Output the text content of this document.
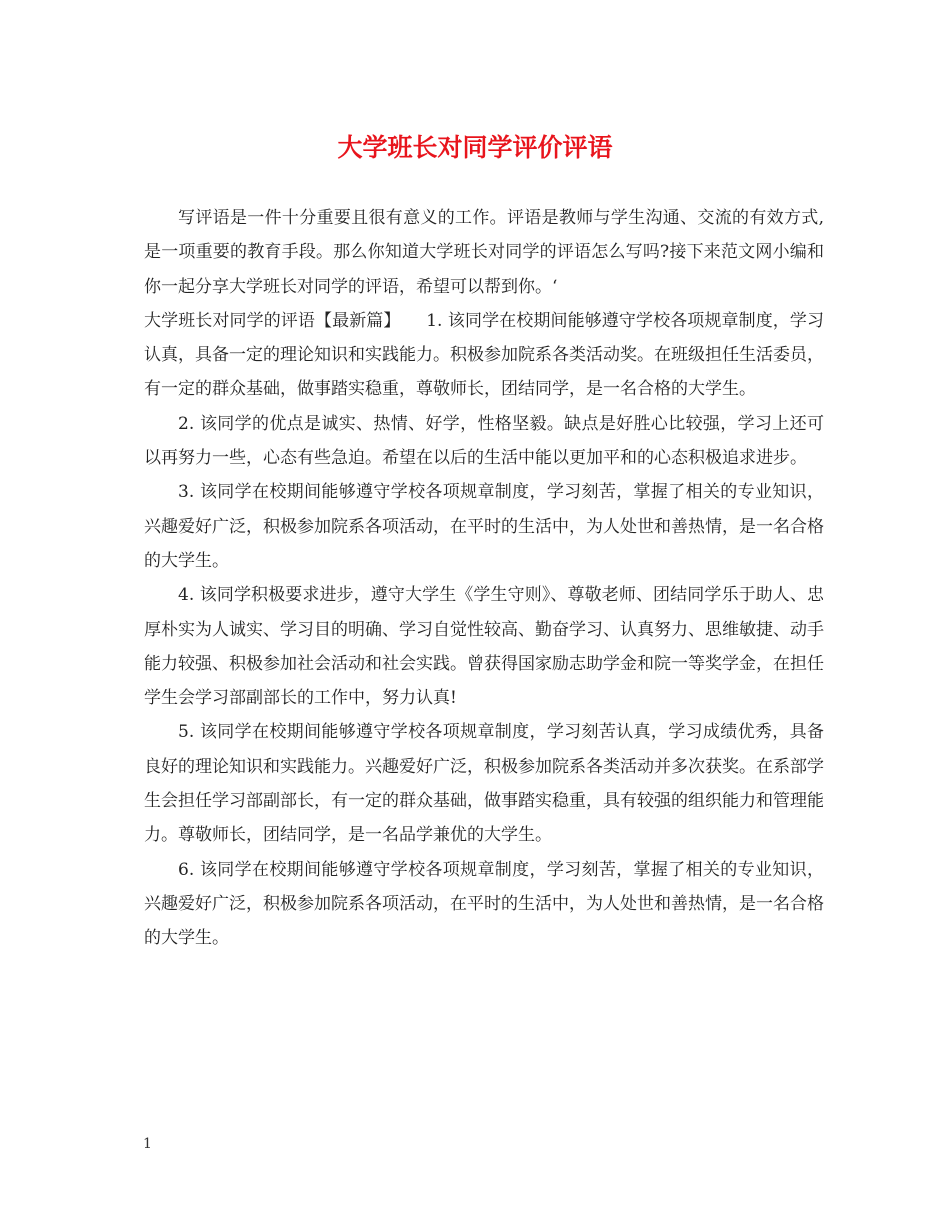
大学班长对同学评价评语

写评语是一件十分重要且很有意义的工作。评语是教师与学生沟通、交流的有效方式,是一项重要的教育手段。那么你知道大学班长对同学的评语怎么写吗?接下来范文网小编和你一起分享大学班长对同学的评语，希望可以帮到你。‘

大学班长对同学的评语【最新篇】　　1. 该同学在校期间能够遵守学校各项规章制度，学习认真，具备一定的理论知识和实践能力。积极参加院系各类活动奖。在班级担任生活委员，有一定的群众基础，做事踏实稳重，尊敬师长，团结同学，是一名合格的大学生。

2. 该同学的优点是诚实、热情、好学，性格坚毅。缺点是好胜心比较强，学习上还可以再努力一些，心态有些急迫。希望在以后的生活中能以更加平和的心态积极追求进步。

3. 该同学在校期间能够遵守学校各项规章制度，学习刻苦，掌握了相关的专业知识，兴趣爱好广泛，积极参加院系各项活动，在平时的生活中，为人处世和善热情，是一名合格的大学生。

4. 该同学积极要求进步，遵守大学生《学生守则》、尊敬老师、团结同学乐于助人、忠厚朴实为人诚实、学习目的明确、学习自觉性较高、勤奋学习、认真努力、思维敏捷、动手能力较强、积极参加社会活动和社会实践。曾获得国家励志助学金和院一等奖学金，在担任学生会学习部副部长的工作中，努力认真!

5. 该同学在校期间能够遵守学校各项规章制度，学习刻苦认真，学习成绩优秀，具备良好的理论知识和实践能力。兴趣爱好广泛，积极参加院系各类活动并多次获奖。在系部学生会担任学习部副部长，有一定的群众基础，做事踏实稳重，具有较强的组织能力和管理能力。尊敬师长，团结同学，是一名品学兼优的大学生。

6. 该同学在校期间能够遵守学校各项规章制度，学习刻苦，掌握了相关的专业知识，兴趣爱好广泛，积极参加院系各项活动，在平时的生活中，为人处世和善热情，是一名合格的大学生。

1
